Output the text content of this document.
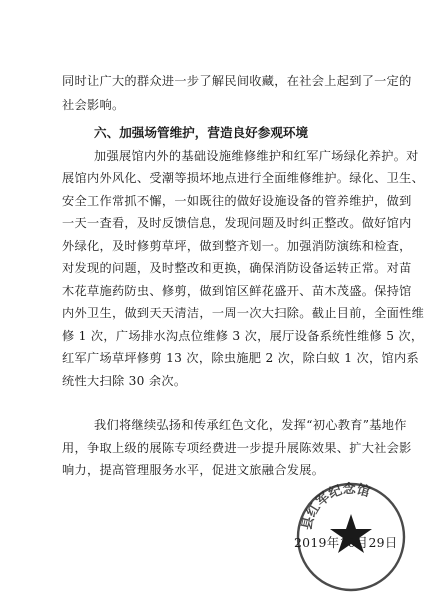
同时让广大的群众进一步了解民间收藏，在社会上起到了一定的
社会影响。
六、加强场管维护，营造良好参观环境
加强展馆内外的基础设施维修维护和红军广场绿化养护。对
展馆内外风化、受潮等损坏地点进行全面维修维护。绿化、卫生、
安全工作常抓不懈，一如既往的做好设施设备的管养维护，做到
一天一査看，及时反馈信息，发现问题及时纠正整改。做好馆内
外绿化，及时修剪草坪，做到整齐划一。加强消防演练和检査，
对发现的问题，及时整改和更换，确保消防设备运转正常。对苗
木花草施药防虫、修剪，做到馆区鲜花盛开、苗木茂盛。保持馆
内外卫生，做到天天清洁，一周一次大扫除。截止目前，全面性维
修 1 次，广场排水沟点位维修 3 次，展厅设备系统性维修 5 次，
红军广场草坪修剪 13 次，除虫施肥 2 次，除白蚁 1 次，馆内系
统性大扫除 30 余次。
我们将继续弘扬和传承红色文化，发挥“初心教育”基地作
用，争取上级的展陈专项经费进一步提升展陈效果、扩大社会影
响力，提高管理服务水平，促进文旅融合发展。
县红军纪念馆
2019年10月29日
